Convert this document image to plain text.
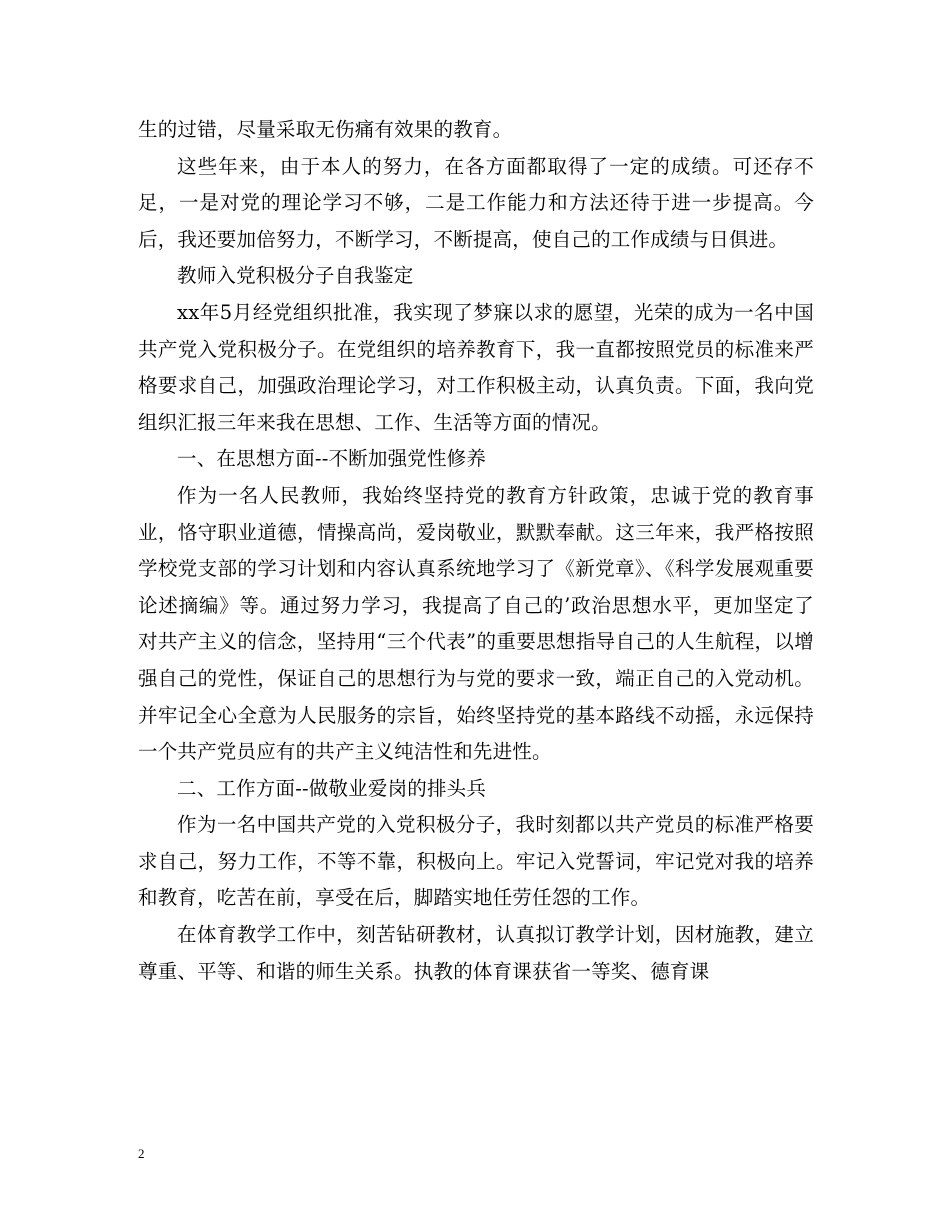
生的过错，尽量采取无伤痛有效果的教育。

这些年来，由于本人的努力，在各方面都取得了一定的成绩。可还存不足，一是对党的理论学习不够，二是工作能力和方法还待于进一步提高。今后，我还要加倍努力，不断学习，不断提高，使自己的工作成绩与日俱进。

教师入党积极分子自我鉴定

xx年5月经党组织批准，我实现了梦寐以求的愿望，光荣的成为一名中国共产党入党积极分子。在党组织的培养教育下，我一直都按照党员的标准来严格要求自己，加强政治理论学习，对工作积极主动，认真负责。下面，我向党组织汇报三年来我在思想、工作、生活等方面的情况。

一、在思想方面--不断加强党性修养

作为一名人民教师，我始终坚持党的教育方针政策，忠诚于党的教育事业，恪守职业道德，情操高尚，爱岗敬业，默默奉献。这三年来，我严格按照学校党支部的学习计划和内容认真系统地学习了《新党章》、《科学发展观重要论述摘编》等。通过努力学习，我提高了自己的’政治思想水平，更加坚定了对共产主义的信念，坚持用“三个代表”的重要思想指导自己的人生航程，以增强自己的党性，保证自己的思想行为与党的要求一致，端正自己的入党动机。并牢记全心全意为人民服务的宗旨，始终坚持党的基本路线不动摇，永远保持一个共产党员应有的共产主义纯洁性和先进性。

二、工作方面--做敬业爱岗的排头兵

作为一名中国共产党的入党积极分子，我时刻都以共产党员的标准严格要求自己，努力工作，不等不靠，积极向上。牢记入党誓词，牢记党对我的培养和教育，吃苦在前，享受在后，脚踏实地任劳任怨的工作。

在体育教学工作中，刻苦钻研教材，认真拟订教学计划，因材施教，建立尊重、平等、和谐的师生关系。执教的体育课获省一等奖、德育课

2
